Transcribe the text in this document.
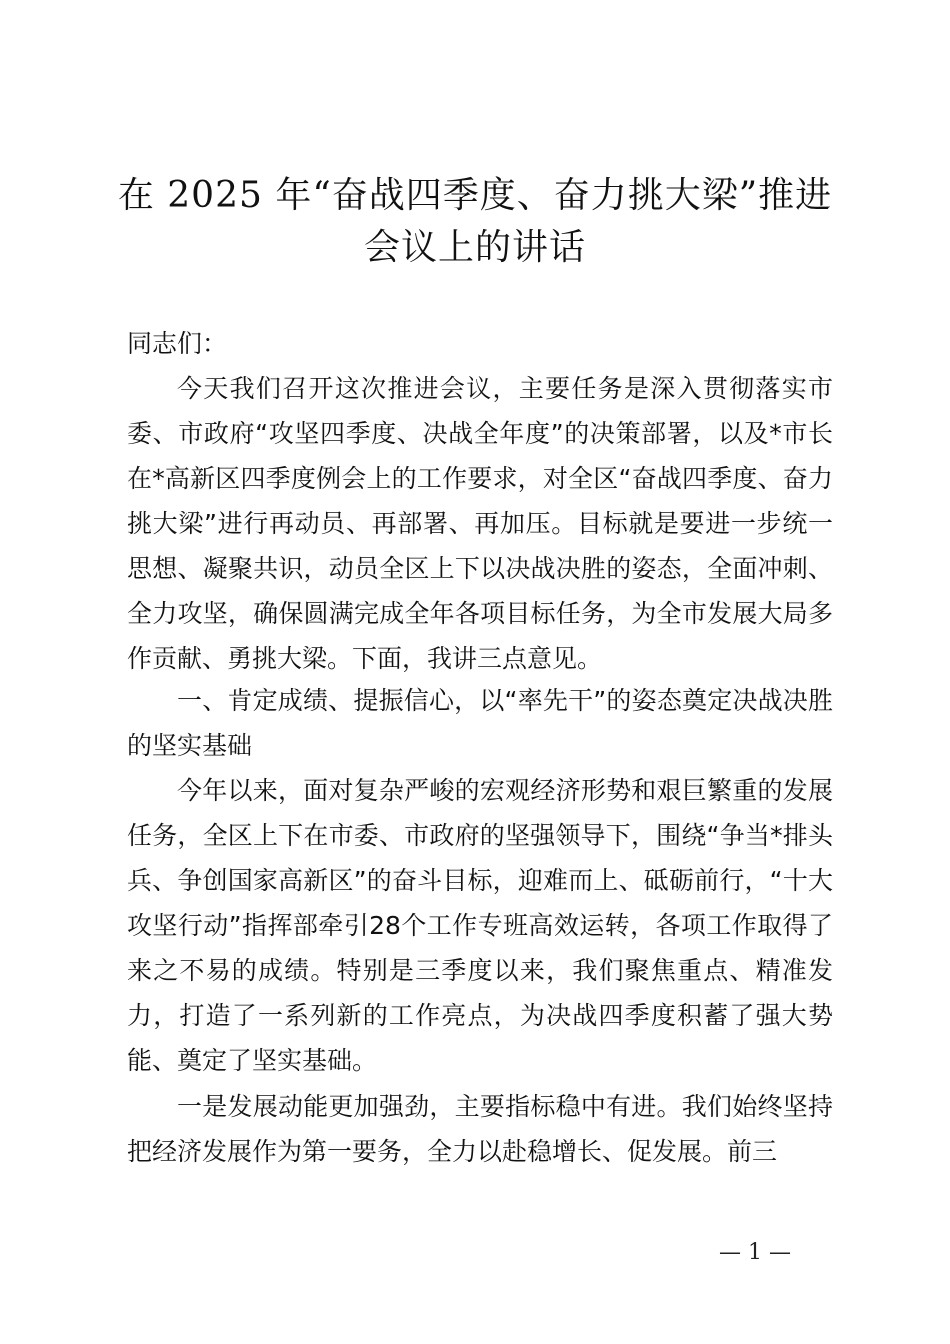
在 2025 年“奋战四季度、奋力挑大梁”推进
会议上的讲话
同志们：
今天我们召开这次推进会议，主要任务是深入贯彻落实市委、市政府“攻坚四季度、决战全年度”的决策部署，以及*市长在*高新区四季度例会上的工作要求，对全区“奋战四季度、奋力挑大梁”进行再动员、再部署、再加压。目标就是要进一步统一思想、凝聚共识，动员全区上下以决战决胜的姿态，全面冲刺、全力攻坚，确保圆满完成全年各项目标任务，为全市发展大局多作贡献、勇挑大梁。下面，我讲三点意见。
一、肯定成绩、提振信心，以“率先干”的姿态奠定决战决胜的坚实基础
今年以来，面对复杂严峻的宏观经济形势和艰巨繁重的发展任务，全区上下在市委、市政府的坚强领导下，围绕“争当*排头兵、争创国家高新区”的奋斗目标，迎难而上、砥砺前行，“十大攻坚行动”指挥部牵引28个工作专班高效运转，各项工作取得了来之不易的成绩。特别是三季度以来，我们聚焦重点、精准发力，打造了一系列新的工作亮点，为决战四季度积蓄了强大势能、奠定了坚实基础。
一是发展动能更加强劲，主要指标稳中有进。我们始终坚持把经济发展作为第一要务，全力以赴稳增长、促发展。前三
— 1 —
